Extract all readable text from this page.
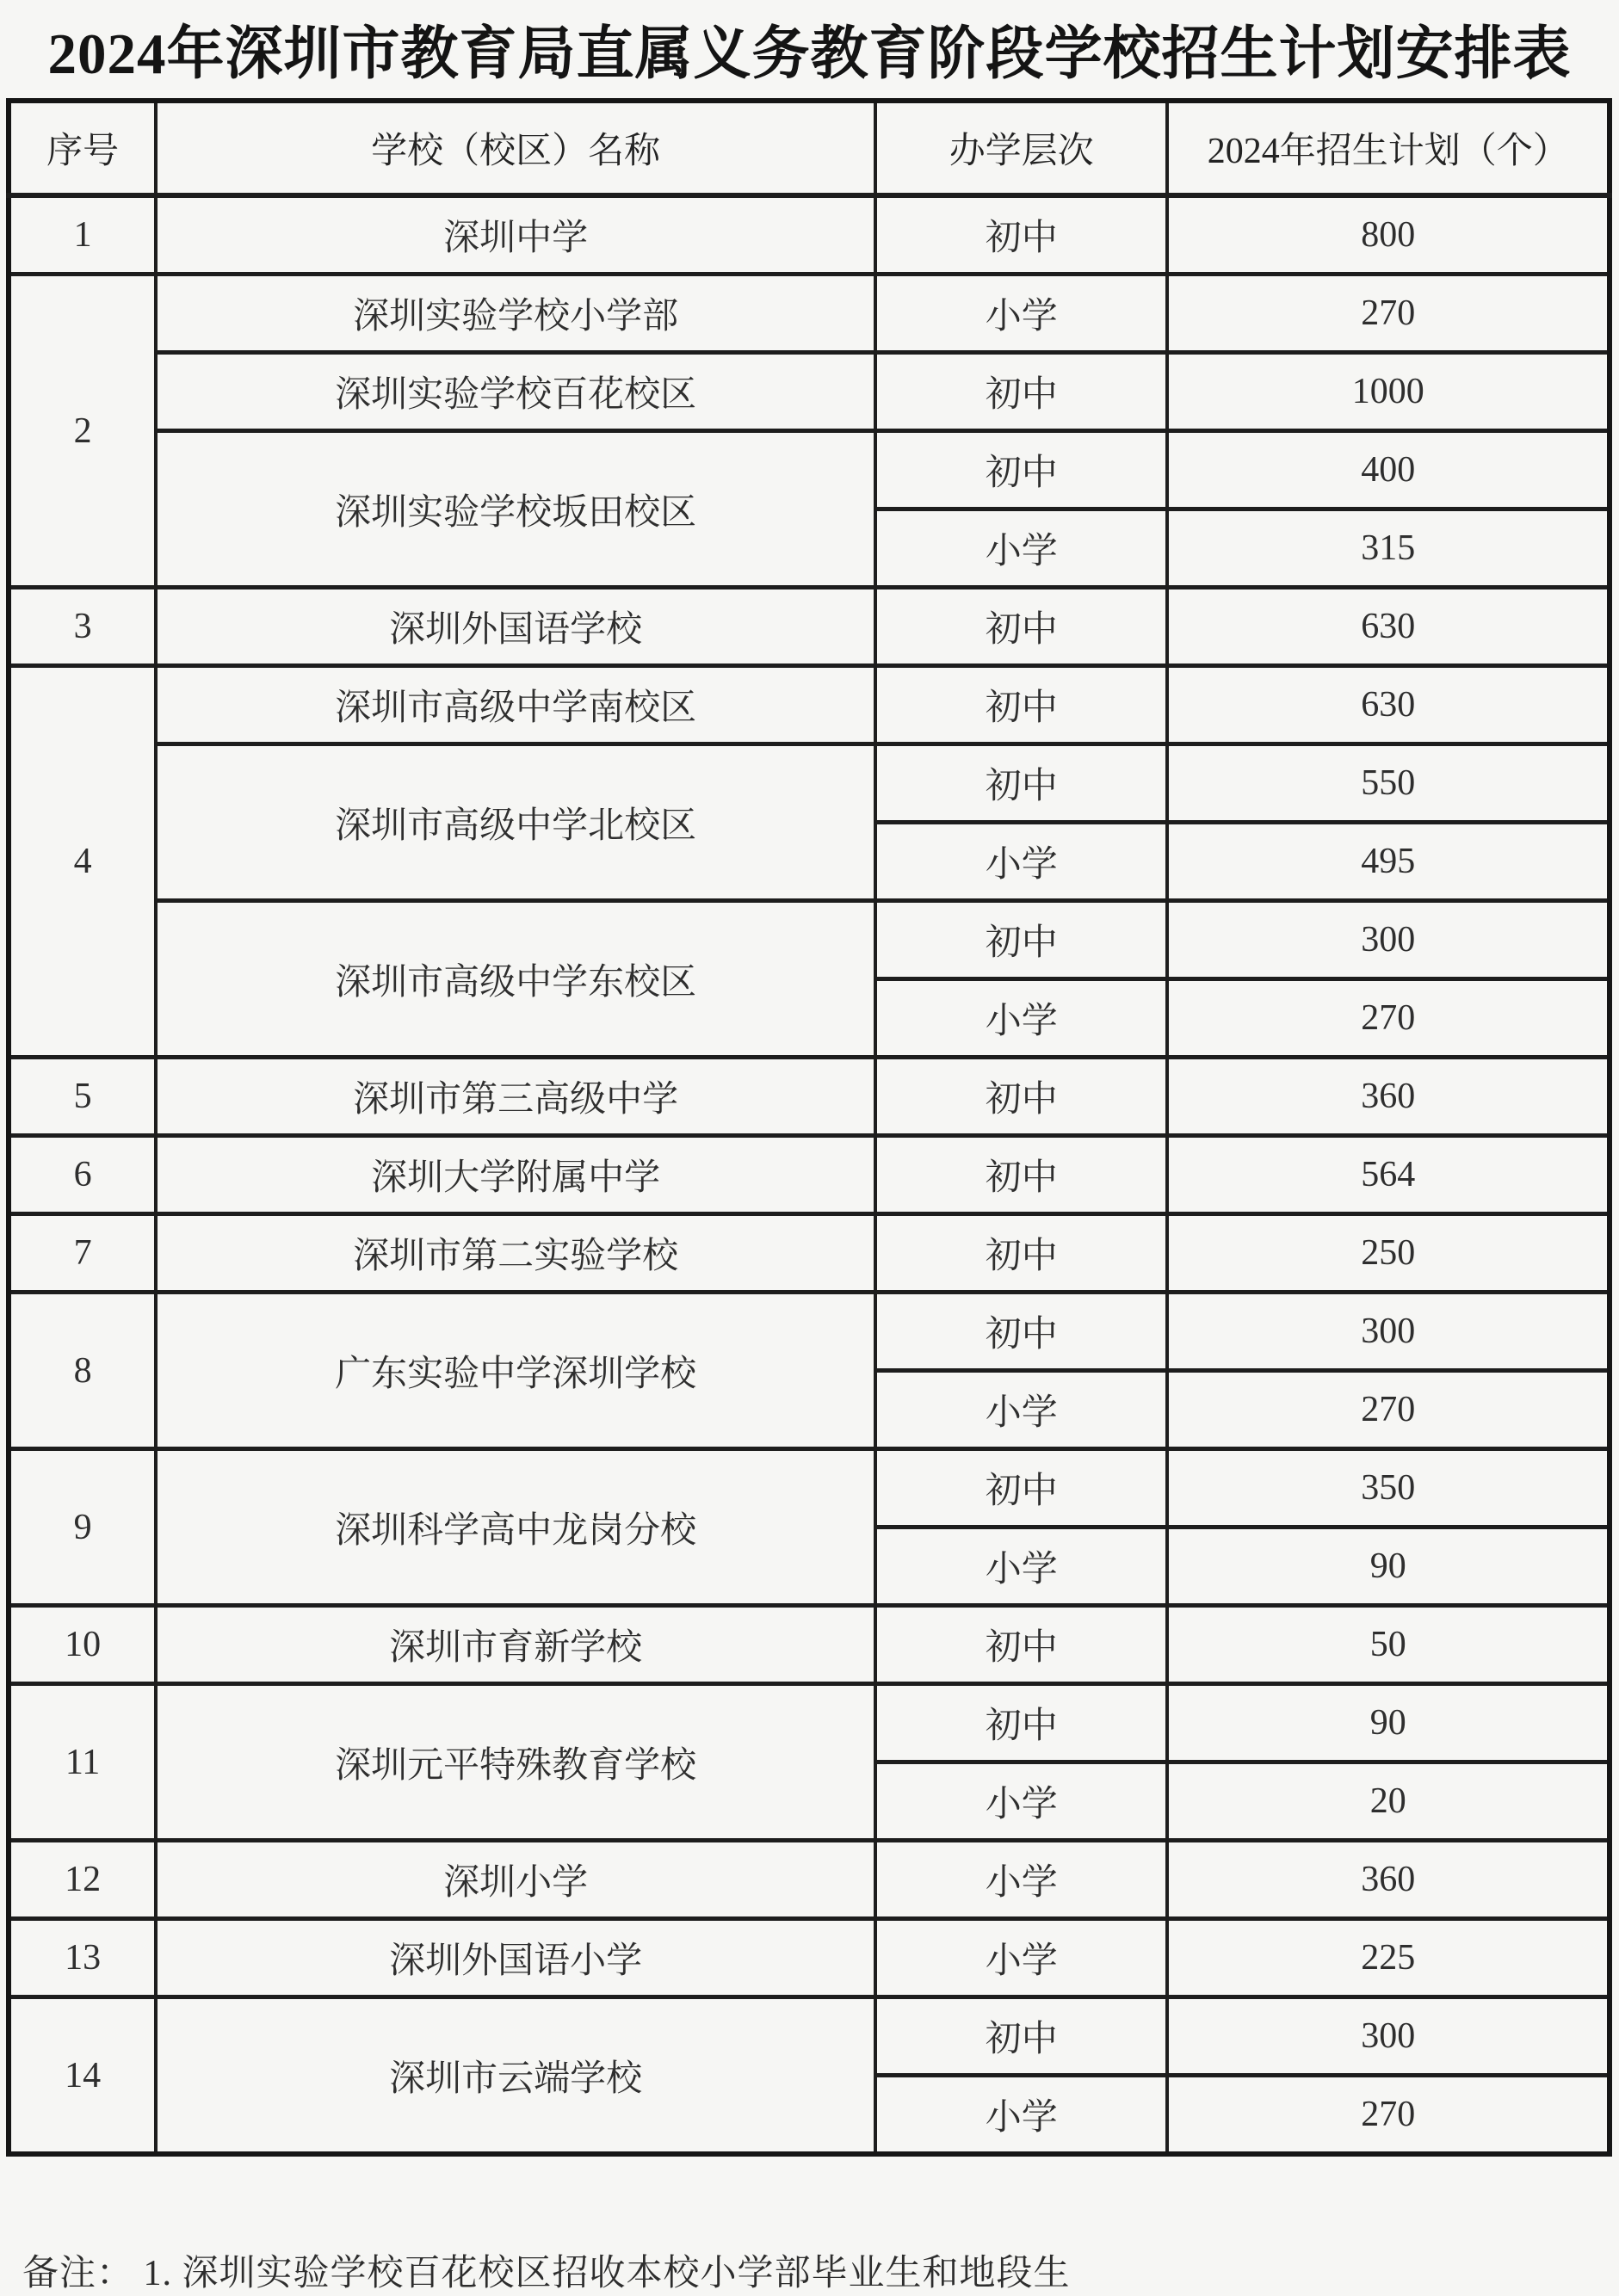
2024年深圳市教育局直属义务教育阶段学校招生计划安排表
序号	学校（校区）名称	办学层次	2024年招生计划（个）
1	深圳中学	初中	800
2	深圳实验学校小学部	小学	270
	深圳实验学校百花校区	初中	1000
	深圳实验学校坂田校区	初中	400
		小学	315
3	深圳外国语学校	初中	630
4	深圳市高级中学南校区	初中	630
	深圳市高级中学北校区	初中	550
		小学	495
	深圳市高级中学东校区	初中	300
		小学	270
5	深圳市第三高级中学	初中	360
6	深圳大学附属中学	初中	564
7	深圳市第二实验学校	初中	250
8	广东实验中学深圳学校	初中	300
		小学	270
9	深圳科学高中龙岗分校	初中	350
		小学	90
10	深圳市育新学校	初中	50
11	深圳元平特殊教育学校	初中	90
		小学	20
12	深圳小学	小学	360
13	深圳外国语小学	小学	225
14	深圳市云端学校	初中	300
		小学	270
备注： 1. 深圳实验学校百花校区招收本校小学部毕业生和地段生
